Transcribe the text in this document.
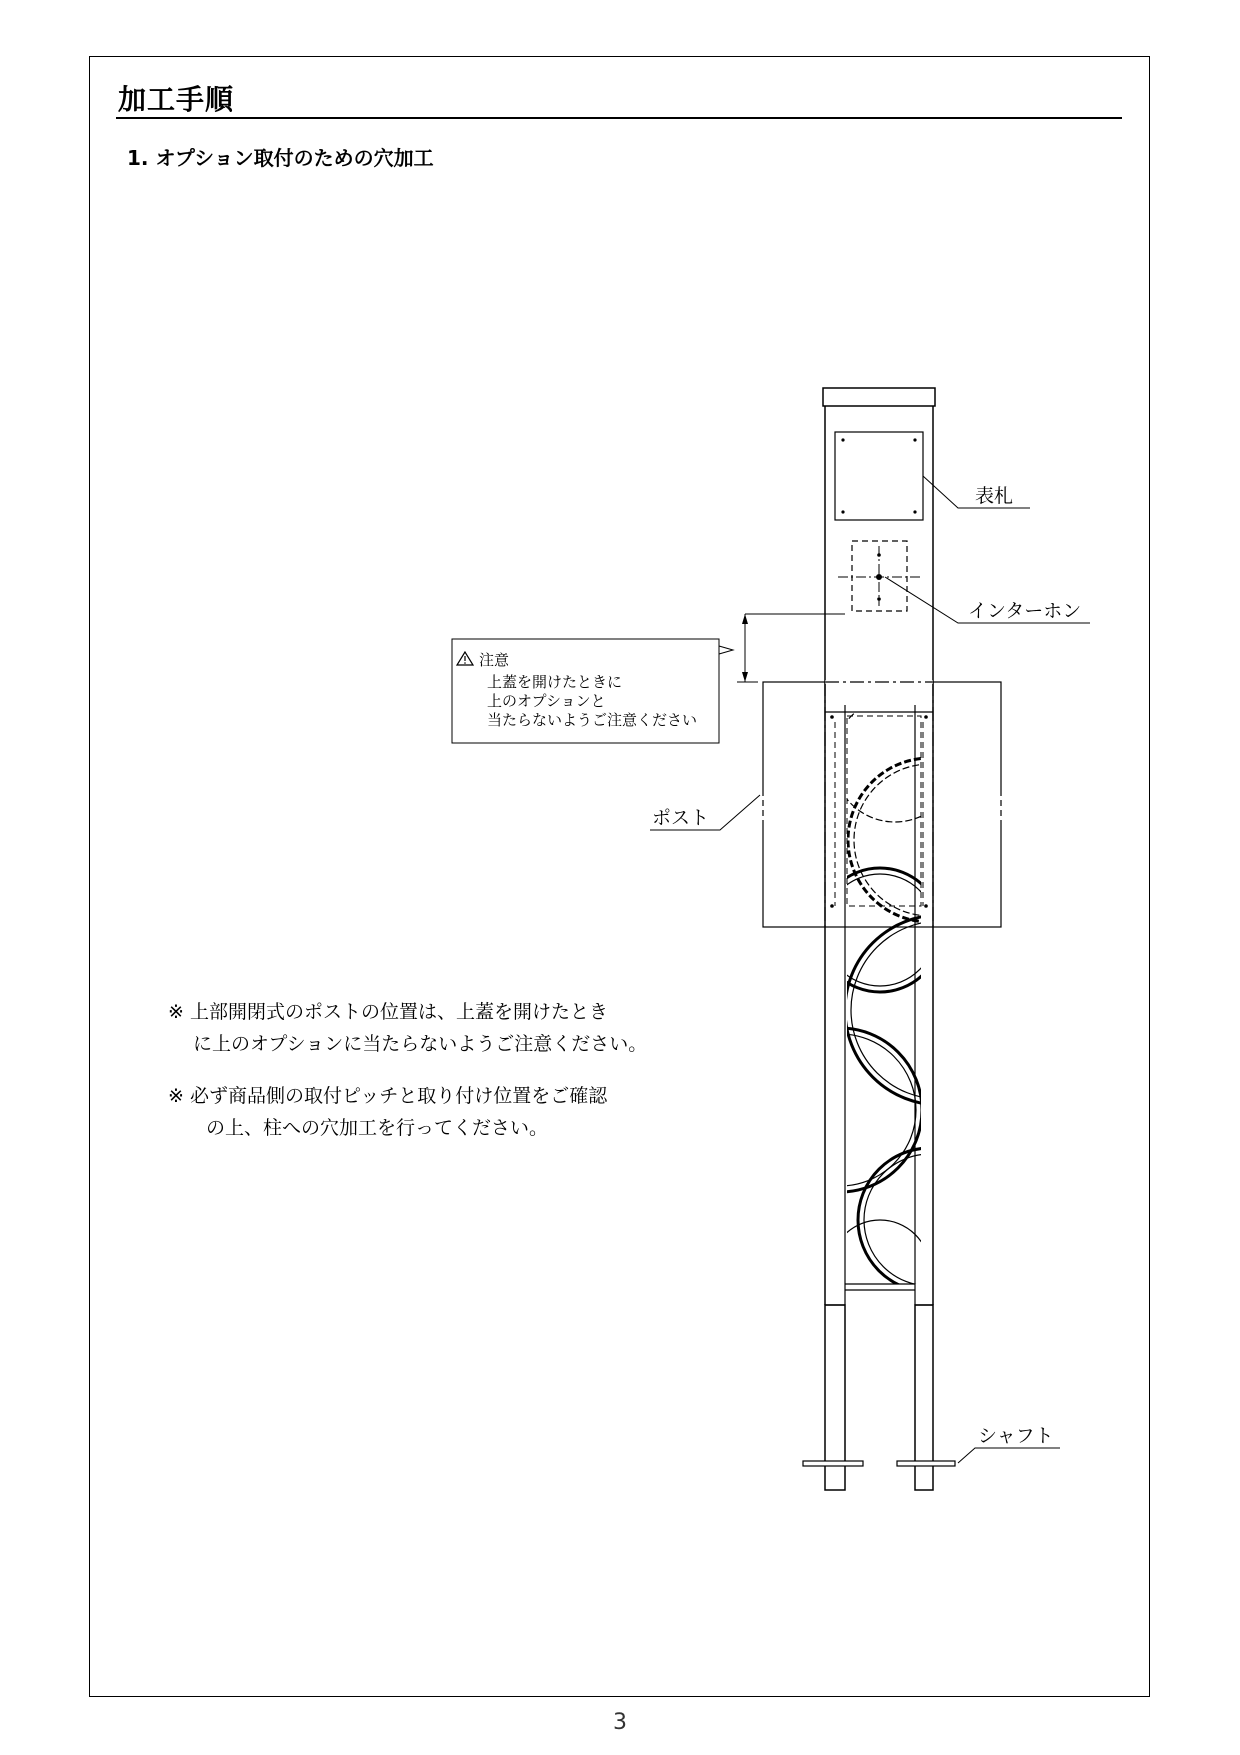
加工手順
1. オプション取付のための穴加工
注意
上蓋を開けたときに
上のオプションと
当たらないようご注意ください
表札
インターホン
ポスト
シャフト
※ 上部開閉式のポストの位置は、上蓋を開けたとき
に上のオプションに当たらないようご注意ください。
※ 必ず商品側の取付ピッチと取り付け位置をご確認
の上、柱への穴加工を行ってください。
3
